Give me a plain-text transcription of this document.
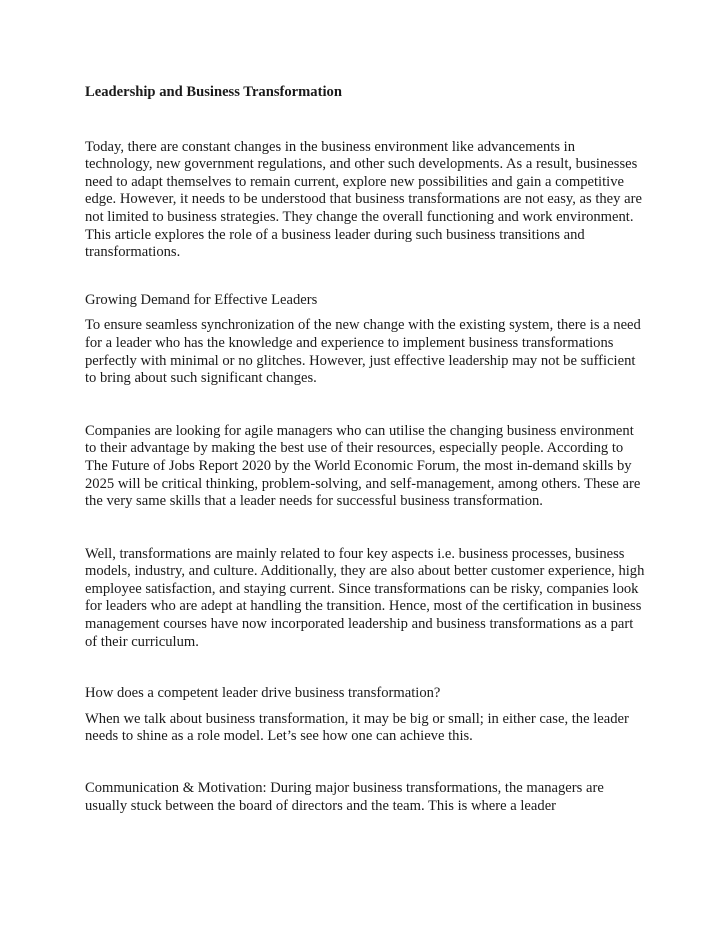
Leadership and Business Transformation

Today, there are constant changes in the business environment like advancements in technology, new government regulations, and other such developments. As a result, businesses need to adapt themselves to remain current, explore new possibilities and gain a competitive edge. However, it needs to be understood that business transformations are not easy, as they are not limited to business strategies. They change the overall functioning and work environment. This article explores the role of a business leader during such business transitions and transformations.

Growing Demand for Effective Leaders

To ensure seamless synchronization of the new change with the existing system, there is a need for a leader who has the knowledge and experience to implement business transformations perfectly with minimal or no glitches. However, just effective leadership may not be sufficient to bring about such significant changes.

Companies are looking for agile managers who can utilise the changing business environment to their advantage by making the best use of their resources, especially people. According to The Future of Jobs Report 2020 by the World Economic Forum, the most in-demand skills by 2025 will be critical thinking, problem-solving, and self-management, among others. These are the very same skills that a leader needs for successful business transformation.

Well, transformations are mainly related to four key aspects i.e. business processes, business models, industry, and culture. Additionally, they are also about better customer experience, high employee satisfaction, and staying current. Since transformations can be risky, companies look for leaders who are adept at handling the transition. Hence, most of the certification in business management courses have now incorporated leadership and business transformations as a part of their curriculum.

How does a competent leader drive business transformation?

When we talk about business transformation, it may be big or small; in either case, the leader needs to shine as a role model. Let’s see how one can achieve this.

Communication & Motivation: During major business transformations, the managers are usually stuck between the board of directors and the team. This is where a leader
